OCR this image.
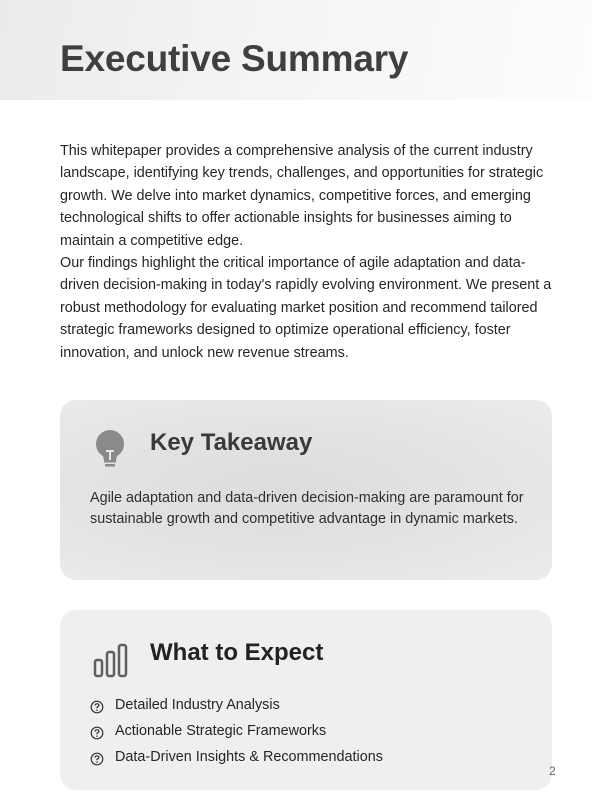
Executive Summary

This whitepaper provides a comprehensive analysis of the current industry landscape, identifying key trends, challenges, and opportunities for strategic growth. We delve into market dynamics, competitive forces, and emerging technological shifts to offer actionable insights for businesses aiming to maintain a competitive edge.

Our findings highlight the critical importance of agile adaptation and data-driven decision-making in today's rapidly evolving environment. We present a robust methodology for evaluating market position and recommend tailored strategic frameworks designed to optimize operational efficiency, foster innovation, and unlock new revenue streams.

Key Takeaway

Agile adaptation and data-driven decision-making are paramount for sustainable growth and competitive advantage in dynamic markets.

What to Expect
Detailed Industry Analysis
Actionable Strategic Frameworks
Data-Driven Insights & Recommendations
2
